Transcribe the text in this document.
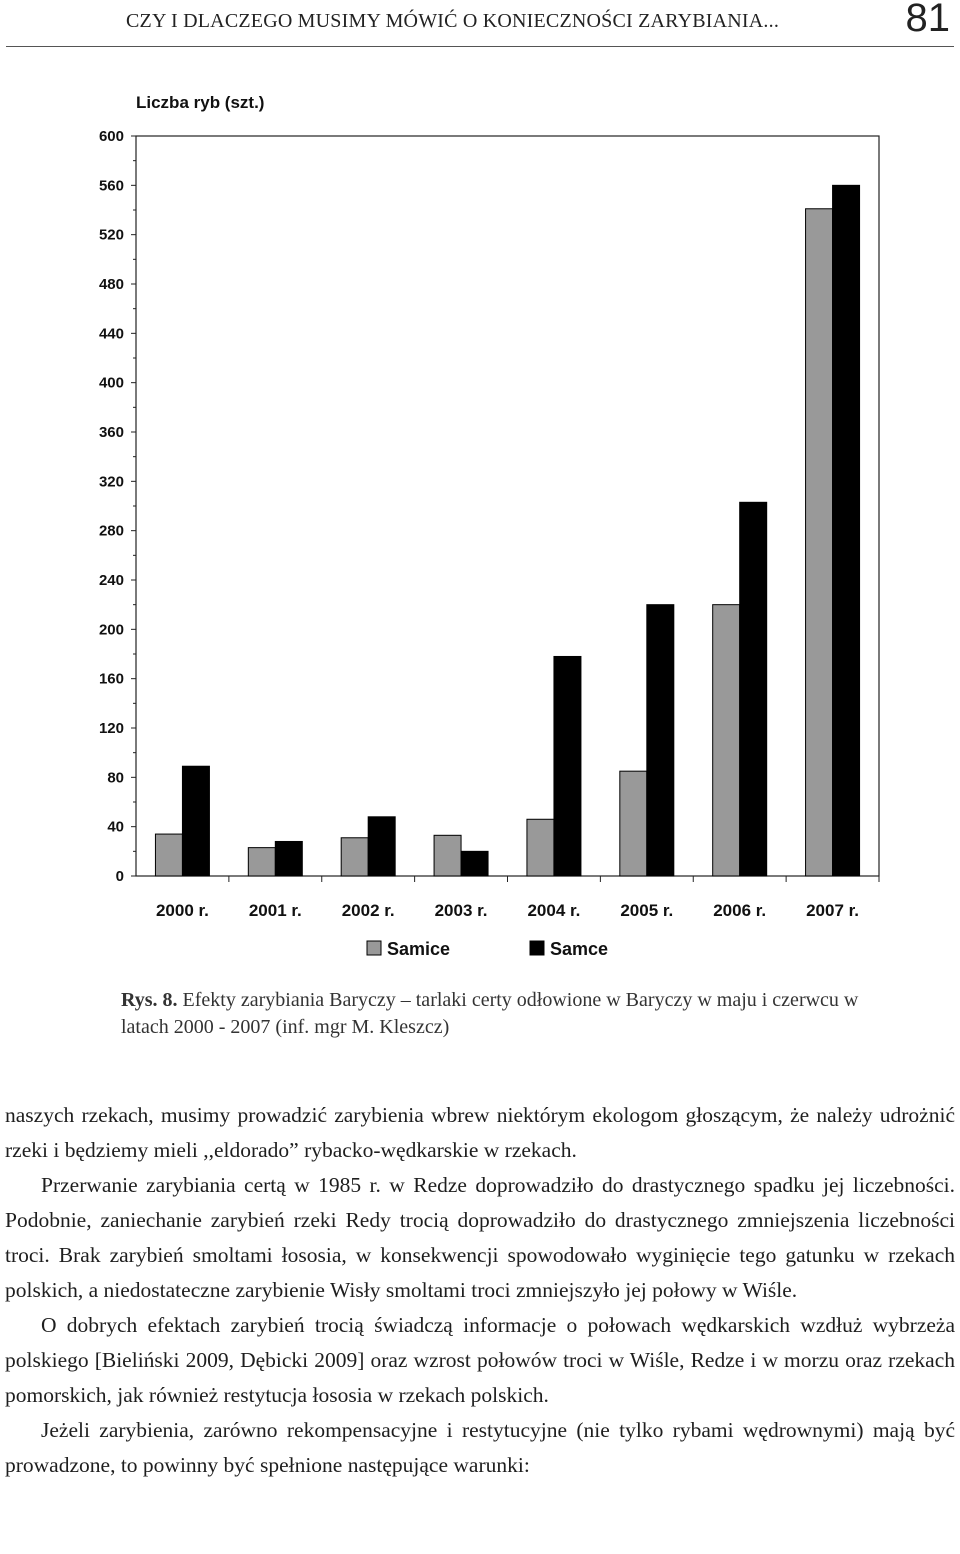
CZY I DLACZEGO MUSIMY MÓWIĆ O KONIECZNOŚCI ZARYBIANIA...	81
Liczba ryb (szt.)
0
40
80
120
160
200
240
280
320
360
400
440
480
520
560
600
2000 r. 2001 r. 2002 r. 2003 r. 2004 r. 2005 r. 2006 r. 2007 r.
Samice	Samce
Rys. 8. Efekty zarybiania Baryczy – tarlaki certy odłowione w Baryczy w maju i czerwcu w latach 2000 - 2007 (inf. mgr M. Kleszcz)

naszych rzekach, musimy prowadzić zarybienia wbrew niektórym ekologom głoszącym, że należy udrożnić rzeki i będziemy mieli ,,eldorado” rybacko-wędkarskie w rzekach.

Przerwanie zarybiania certą w 1985 r. w Redze doprowadziło do drastycznego spadku jej liczebności. Podobnie, zaniechanie zarybień rzeki Redy trocią doprowadziło do drastycznego zmniejszenia liczebności troci. Brak zarybień smoltami łososia, w konsekwencji spowodowało wyginięcie tego gatunku w rzekach polskich, a niedostateczne zarybienie Wisły smoltami troci zmniejszyło jej połowy w Wiśle.

O dobrych efektach zarybień trocią świadczą informacje o połowach wędkarskich wzdłuż wybrzeża polskiego [Bieliński 2009, Dębicki 2009] oraz wzrost połowów troci w Wiśle, Redze i w morzu oraz rzekach pomorskich, jak również restytucja łososia w rzekach polskich.

Jeżeli zarybienia, zarówno rekompensacyjne i restytucyjne (nie tylko rybami wędrownymi) mają być prowadzone, to powinny być spełnione następujące warunki:
